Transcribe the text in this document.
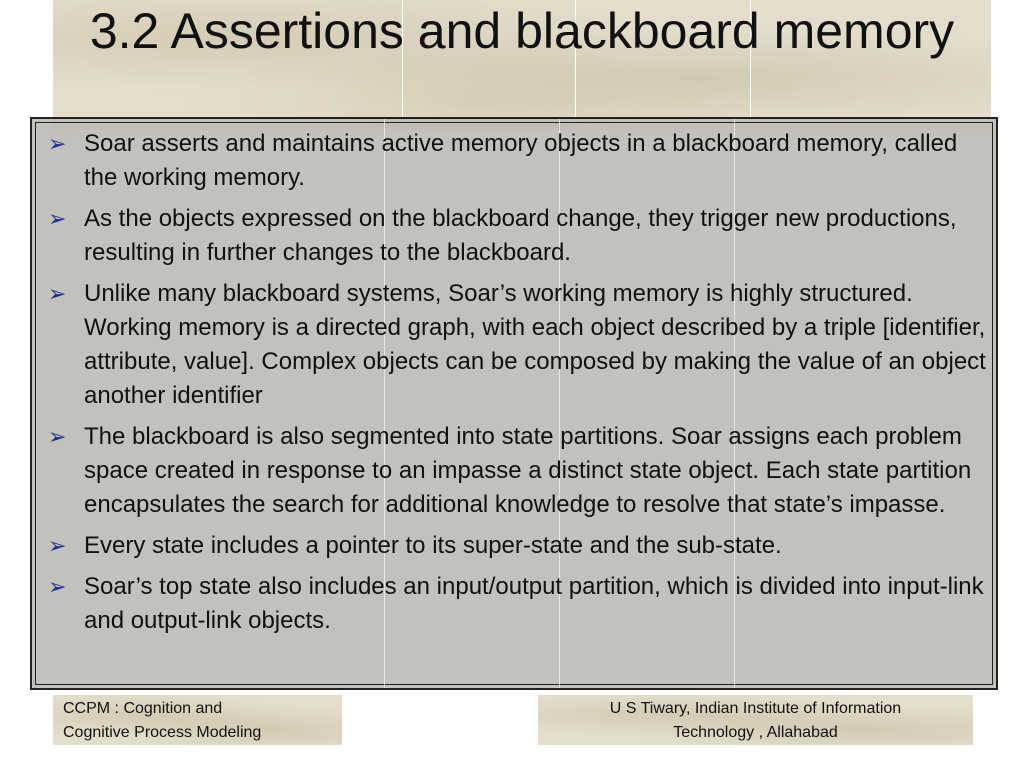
3.2 Assertions and blackboard memory
➢ Soar asserts and maintains active memory objects in a blackboard memory, called the working memory.
➢ As the objects expressed on the blackboard change, they trigger new productions, resulting in further changes to the blackboard.
➢ Unlike many blackboard systems, Soar’s working memory is highly structured. Working memory is a directed graph, with each object described by a triple [identifier, attribute, value]. Complex objects can be composed by making the value of an object another identifier
➢ The blackboard is also segmented into state partitions. Soar assigns each problem space created in response to an impasse a distinct state object. Each state partition encapsulates the search for additional knowledge to resolve that state’s impasse.
➢ Every state includes a pointer to its super-state and the sub-state.
➢ Soar’s top state also includes an input/output partition, which is divided into input-link and output-link objects.
CCPM : Cognition and
Cognitive Process Modeling
U S Tiwary, Indian Institute of Information
Technology , Allahabad
